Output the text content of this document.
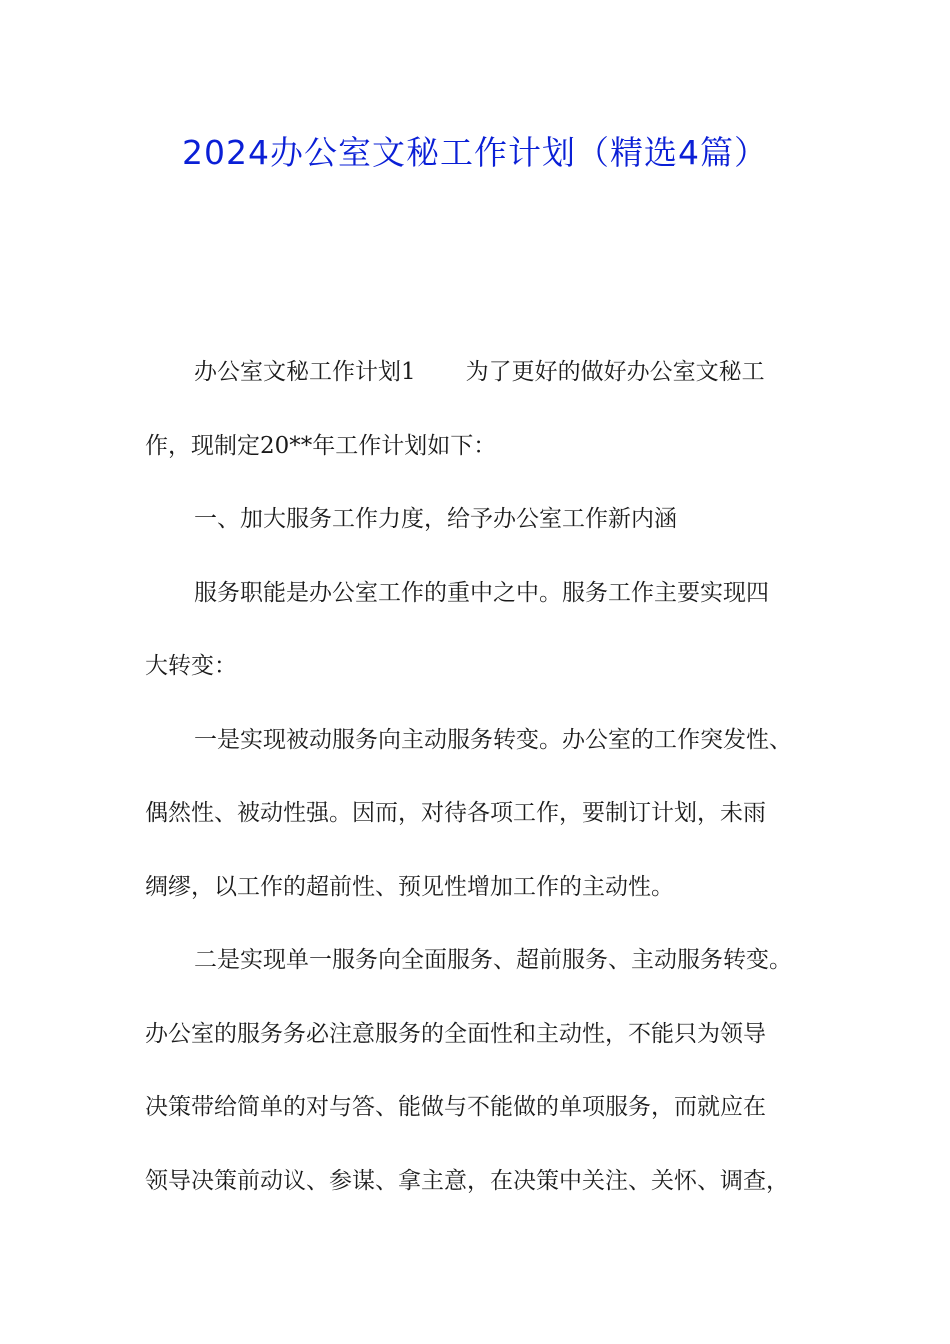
2024办公室文秘工作计划（精选4篇）
办公室文秘工作计划1 为了更好的做好办公室文秘工
作，现制定20**年工作计划如下：
一、加大服务工作力度，给予办公室工作新内涵
服务职能是办公室工作的重中之中。服务工作主要实现四
大转变：
一是实现被动服务向主动服务转变。办公室的工作突发性、
偶然性、被动性强。因而，对待各项工作，要制订计划，未雨
绸缪，以工作的超前性、预见性增加工作的主动性。
二是实现单一服务向全面服务、超前服务、主动服务转变。
办公室的服务务必注意服务的全面性和主动性，不能只为领导
决策带给简单的对与答、能做与不能做的单项服务，而就应在
领导决策前动议、参谋、拿主意，在决策中关注、关怀、调查，
